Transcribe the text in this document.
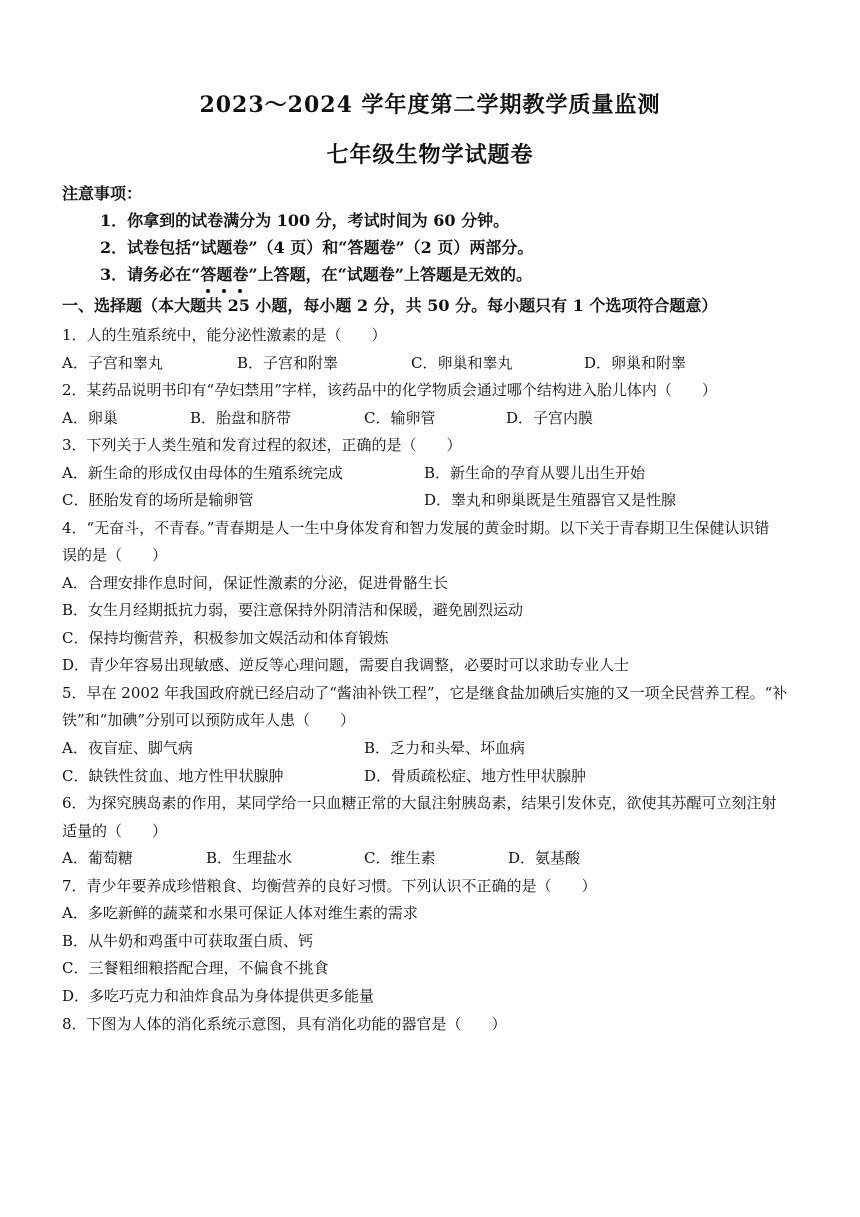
2023～2024 学年度第二学期教学质量监测
七年级生物学试题卷
注意事项：
1．你拿到的试卷满分为 100 分，考试时间为 60 分钟。
2．试卷包括“试题卷”（4 页）和“答题卷”（2 页）两部分。
3．请务必在“答题卷
”上答题，在“试题卷”上答题是无效的。
一、选择题（本大题共 25 小题，每小题 2 分，共 50 分。每小题只有 1 个选项符合题意）
1．人的生殖系统中，能分泌性激素的是（　　）
A．子宫和睾丸	B．子宫和附睾	C．卵巢和睾丸	D．卵巢和附睾
2．某药品说明书印有“孕妇禁用”字样，该药品中的化学物质会通过哪个结构进入胎儿体内（　　）
A．卵巢	B．胎盘和脐带	C．输卵管	D．子宫内膜
3．下列关于人类生殖和发育过程的叙述，正确的是（　　）
A．新生命的形成仅由母体的生殖系统完成	B．新生命的孕育从婴儿出生开始
C．胚胎发育的场所是输卵管	D．睾丸和卵巢既是生殖器官又是性腺
4．“无奋斗，不青春。”青春期是人一生中身体发育和智力发展的黄金时期。以下关于青春期卫生保健认识错
误的是（　　）
A．合理安排作息时间，保证性激素的分泌，促进骨骼生长
B．女生月经期抵抗力弱，要注意保持外阴清洁和保暖，避免剧烈运动
C．保持均衡营养，积极参加文娱活动和体育锻炼
D．青少年容易出现敏感、逆反等心理问题，需要自我调整，必要时可以求助专业人士
5．早在 2002 年我国政府就已经启动了“酱油补铁工程”，它是继食盐加碘后实施的又一项全民营养工程。“补
铁”和“加碘”分别可以预防成年人患（　　）
A．夜盲症、脚气病	B．乏力和头晕、坏血病
C．缺铁性贫血、地方性甲状腺肿	D．骨质疏松症、地方性甲状腺肿
6．为探究胰岛素的作用，某同学给一只血糖正常的大鼠注射胰岛素，结果引发休克，欲使其苏醒可立刻注射
适量的（　　）
A．葡萄糖	B．生理盐水	C．维生素	D．氨基酸
7．青少年要养成珍惜粮食、均衡营养的良好习惯。下列认识不正确的是（　　）
A．多吃新鲜的蔬菜和水果可保证人体对维生素的需求
B．从牛奶和鸡蛋中可获取蛋白质、钙
C．三餐粗细粮搭配合理，不偏食不挑食
D．多吃巧克力和油炸食品为身体提供更多能量
8．下图为人体的消化系统示意图，具有消化功能的器官是（　　）
